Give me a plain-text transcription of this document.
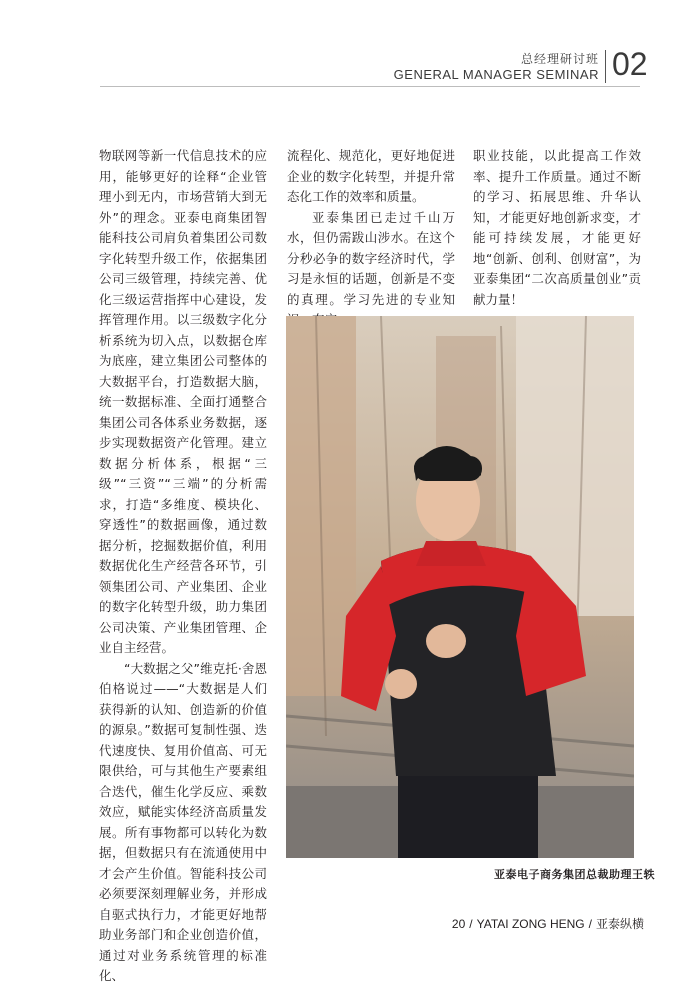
总经理研讨班
GENERAL MANAGER SEMINAR 02

物联网等新一代信息技术的应用，能够更好的诠释“企业管理小到无内，市场营销大到无外”的理念。亚泰电商集团智能科技公司肩负着集团公司数字化转型升级工作，依据集团公司三级管理，持续完善、优化三级运营指挥中心建设，发挥管理作用。以三级数字化分析系统为切入点，以数据仓库为底座，建立集团公司整体的大数据平台，打造数据大脑，统一数据标准、全面打通整合集团公司各体系业务数据，逐步实现数据资产化管理。建立数据分析体系，根据“三级”“三资”“三端”的分析需求，打造“多维度、模块化、穿透性”的数据画像，通过数据分析，挖掘数据价值，利用数据优化生产经营各环节，引领集团公司、产业集团、企业的数字化转型升级，助力集团公司决策、产业集团管理、企业自主经营。

“大数据之父”维克托·舍恩伯格说过——“大数据是人们获得新的认知、创造新的价值的源泉。”数据可复制性强、迭代速度快、复用价值高、可无限供给，可与其他生产要素组合迭代，催生化学反应、乘数效应，赋能实体经济高质量发展。所有事物都可以转化为数据，但数据只有在流通使用中才会产生价值。智能科技公司必须要深刻理解业务，并形成自驱式执行力，才能更好地帮助业务部门和企业创造价值，通过对业务系统管理的标准化、

流程化、规范化，更好地促进企业的数字化转型，并提升常态化工作的效率和质量。

亚泰集团已走过千山万水，但仍需跋山涉水。在这个分秒必争的数字经济时代，学习是永恒的话题，创新是不变的真理。学习先进的专业知

职业技能，以此提高工作效率、提升工作质量。通过不断的学习、拓展思维、升华认知，才能更好地创新求变，才能可持续发展，才能更好地“创新、创利、创财富”，为亚泰集团“二次高质量创业”贡献力量！

亚泰电子商务集团总裁助理王轶
20 / YATAI ZONG HENG / 亚泰纵横
